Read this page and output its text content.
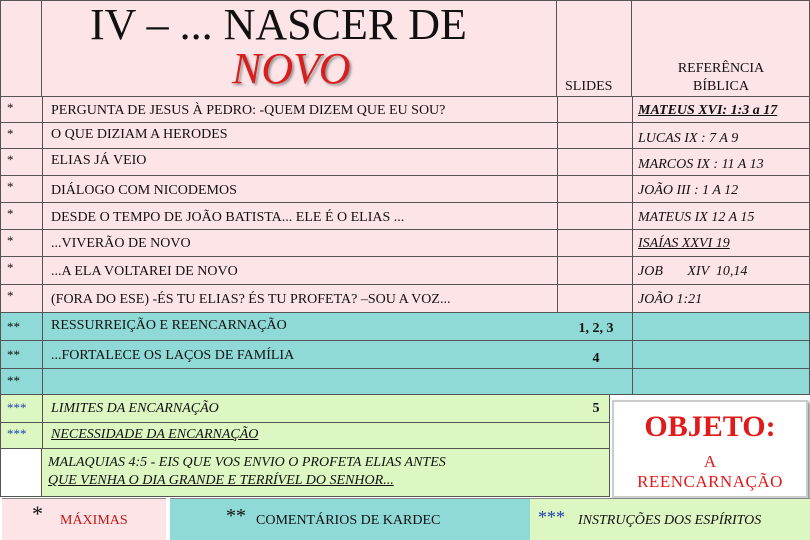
IV – ... NASCER DE
NOVO	SLIDES
REFERÊNCIA
BÍBLICA
*	PERGUNTA DE JESUS À PEDRO: -QUEM DIZEM QUE EU SOU?	MATEUS XVI: 1:3 a 17
*	O QUE DIZIAM A HERODES	LUCAS IX : 7 A 9
*	ELIAS JÁ VEIO	MARCOS IX : 11 A 13
*	DIÁLOGO COM NICODEMOS	JOÃO III : 1 A 12
*	DESDE O TEMPO DE JOÃO BATISTA... ELE É O ELIAS ...	MATEUS IX 12 A 15
*	...VIVERÃO DE NOVO	ISAÍAS XXVI 19
*	...A ELA VOLTAREI DE NOVO	JOB       XIV  10,14
*	(FORA DO ESE) -ÉS TU ELIAS? ÉS TU PROFETA? –SOU A VOZ...	JOÃO 1:21
** RESSURREIÇÃO E REENCARNAÇÃO	1, 2, 3
** ...FORTALECE OS LAÇOS DE FAMÍLIA	4
**
*** LIMITES DA ENCARNAÇÃO	5
*** NECESSIDADE DA ENCARNAÇÃO
MALAQUIAS 4:5 - EIS QUE VOS ENVIO O PROFETA ELIAS ANTES
QUE VENHA O DIA GRANDE E TERRÍVEL DO SENHOR...
OBJETO:
A
REENCARNAÇÃO
* MÁXIMAS	** COMENTÁRIOS DE KARDEC	*** INSTRUÇÕES DOS ESPÍRITOS
